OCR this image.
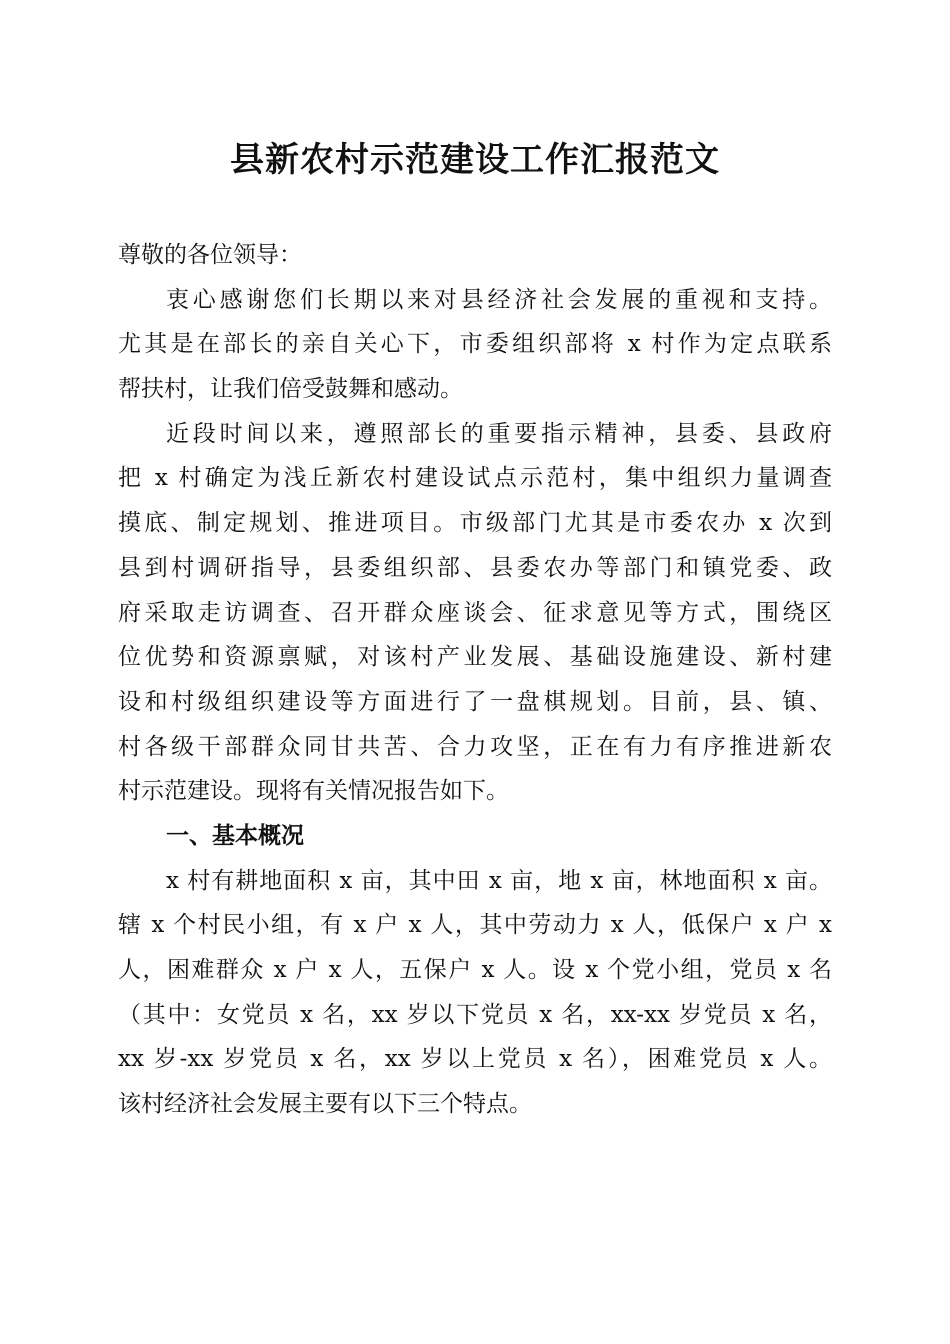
县新农村示范建设工作汇报范文
尊敬的各位领导：
衷心感谢您们长期以来对县经济社会发展的重视和支持。
尤其是在部长的亲自关心下，市委组织部将 x 村作为定点联系
帮扶村，让我们倍受鼓舞和感动。
近段时间以来，遵照部长的重要指示精神，县委、县政府
把 x 村确定为浅丘新农村建设试点示范村，集中组织力量调查
摸底、制定规划、推进项目。市级部门尤其是市委农办 x 次到
县到村调研指导，县委组织部、县委农办等部门和镇党委、政
府采取走访调查、召开群众座谈会、征求意见等方式，围绕区
位优势和资源禀赋，对该村产业发展、基础设施建设、新村建
设和村级组织建设等方面进行了一盘棋规划。目前，县、镇、
村各级干部群众同甘共苦、合力攻坚，正在有力有序推进新农
村示范建设。现将有关情况报告如下。
一、基本概况
x 村有耕地面积 x 亩，其中田 x 亩，地 x 亩，林地面积 x 亩。
辖 x 个村民小组，有 x 户 x 人，其中劳动力 x 人，低保户 x 户 x
人，困难群众 x 户 x 人，五保户 x 人。设 x 个党小组，党员 x 名
（其中：女党员 x 名，xx 岁以下党员 x 名，xx-xx 岁党员 x 名，
xx 岁-xx 岁党员 x 名，xx 岁以上党员 x 名），困难党员 x 人。
该村经济社会发展主要有以下三个特点。
